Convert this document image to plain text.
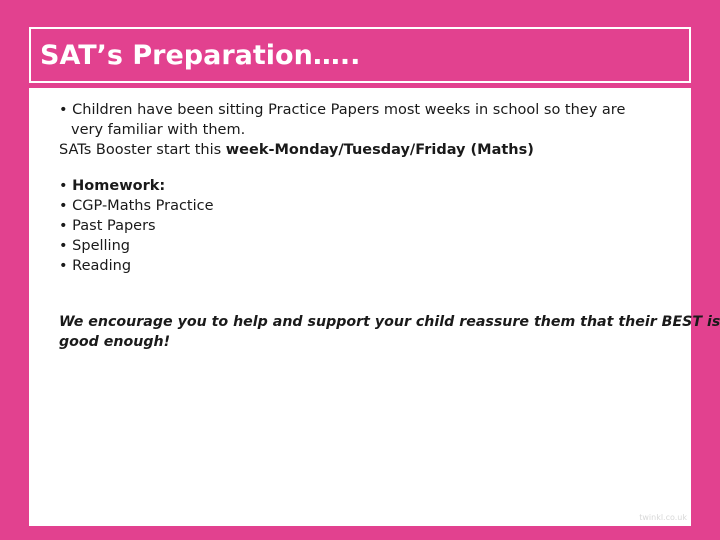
SAT’s Preparation…..
• Children have been sitting Practice Papers most weeks in school so they are
very familiar with them.
SATs Booster start this week-Monday/Tuesday/Friday (Maths)
• Homework:
• CGP-Maths Practice
• Past Papers
• Spelling
• Reading
We encourage you to help and support your child reassure them that their BEST is
good enough!
twinkl.co.uk
